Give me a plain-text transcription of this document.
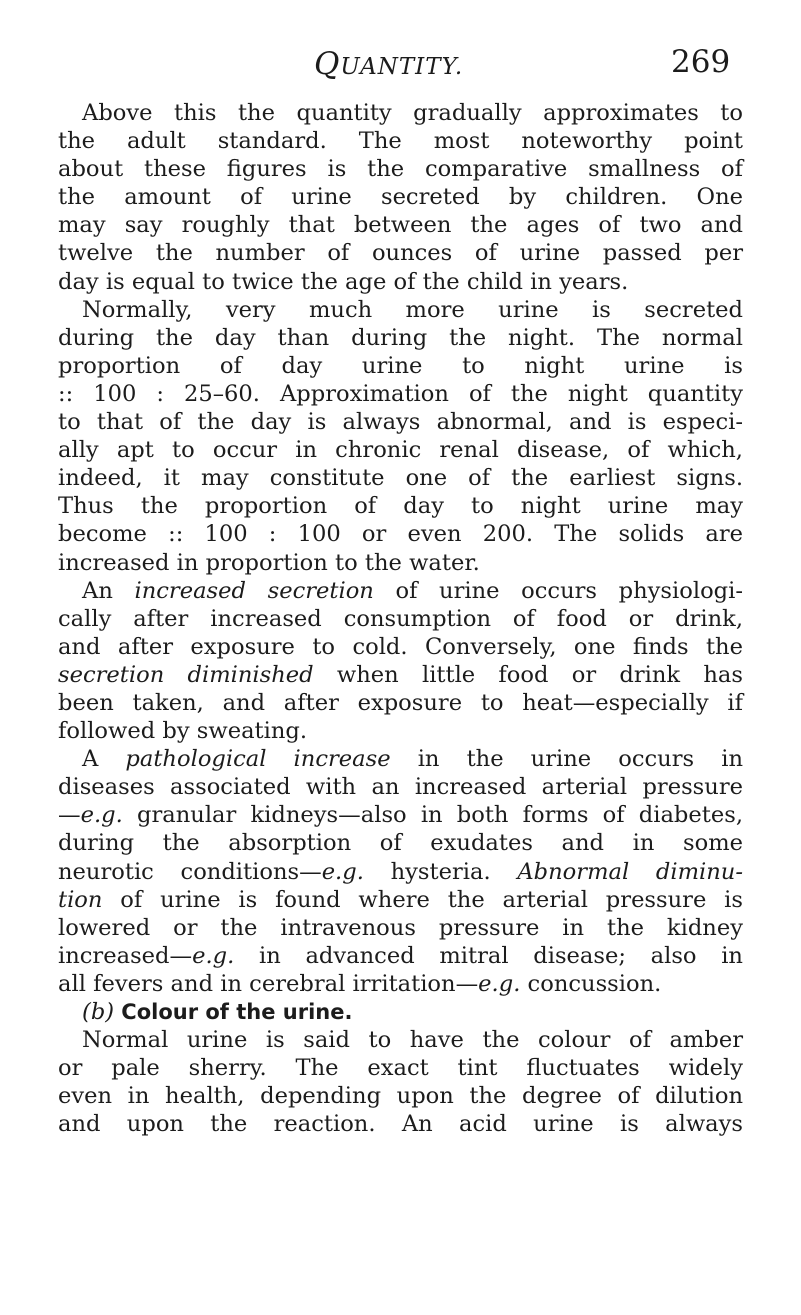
QUANTITY.	269
Above this the quantity gradually approximates to
the adult standard. The most noteworthy point
about these figures is the comparative smallness of
the amount of urine secreted by children. One
may say roughly that between the ages of two and
twelve the number of ounces of urine passed per
day is equal to twice the age of the child in years.
Normally, very much more urine is secreted
during the day than during the night. The normal
proportion of day urine to night urine is
:: 100 : 25–60. Approximation of the night quantity
to that of the day is always abnormal, and is especi-
ally apt to occur in chronic renal disease, of which,
indeed, it may constitute one of the earliest signs.
Thus the proportion of day to night urine may
become :: 100 : 100 or even 200. The solids are
increased in proportion to the water.
An increased secretion of urine occurs physiologi-
cally after increased consumption of food or drink,
and after exposure to cold. Conversely, one finds the
secretion diminished when little food or drink has
been taken, and after exposure to heat—especially if
followed by sweating.
A pathological increase in the urine occurs in
diseases associated with an increased arterial pressure
—e.g. granular kidneys—also in both forms of diabetes,
during the absorption of exudates and in some
neurotic conditions—e.g. hysteria. Abnormal diminu-
tion of urine is found where the arterial pressure is
lowered or the intravenous pressure in the kidney
increased—e.g. in advanced mitral disease; also in
all fevers and in cerebral irritation—e.g. concussion.
(b) Colour of the urine.
Normal urine is said to have the colour of amber
or pale sherry. The exact tint fluctuates widely
even in health, depending upon the degree of dilution
and upon the reaction. An acid urine is always
